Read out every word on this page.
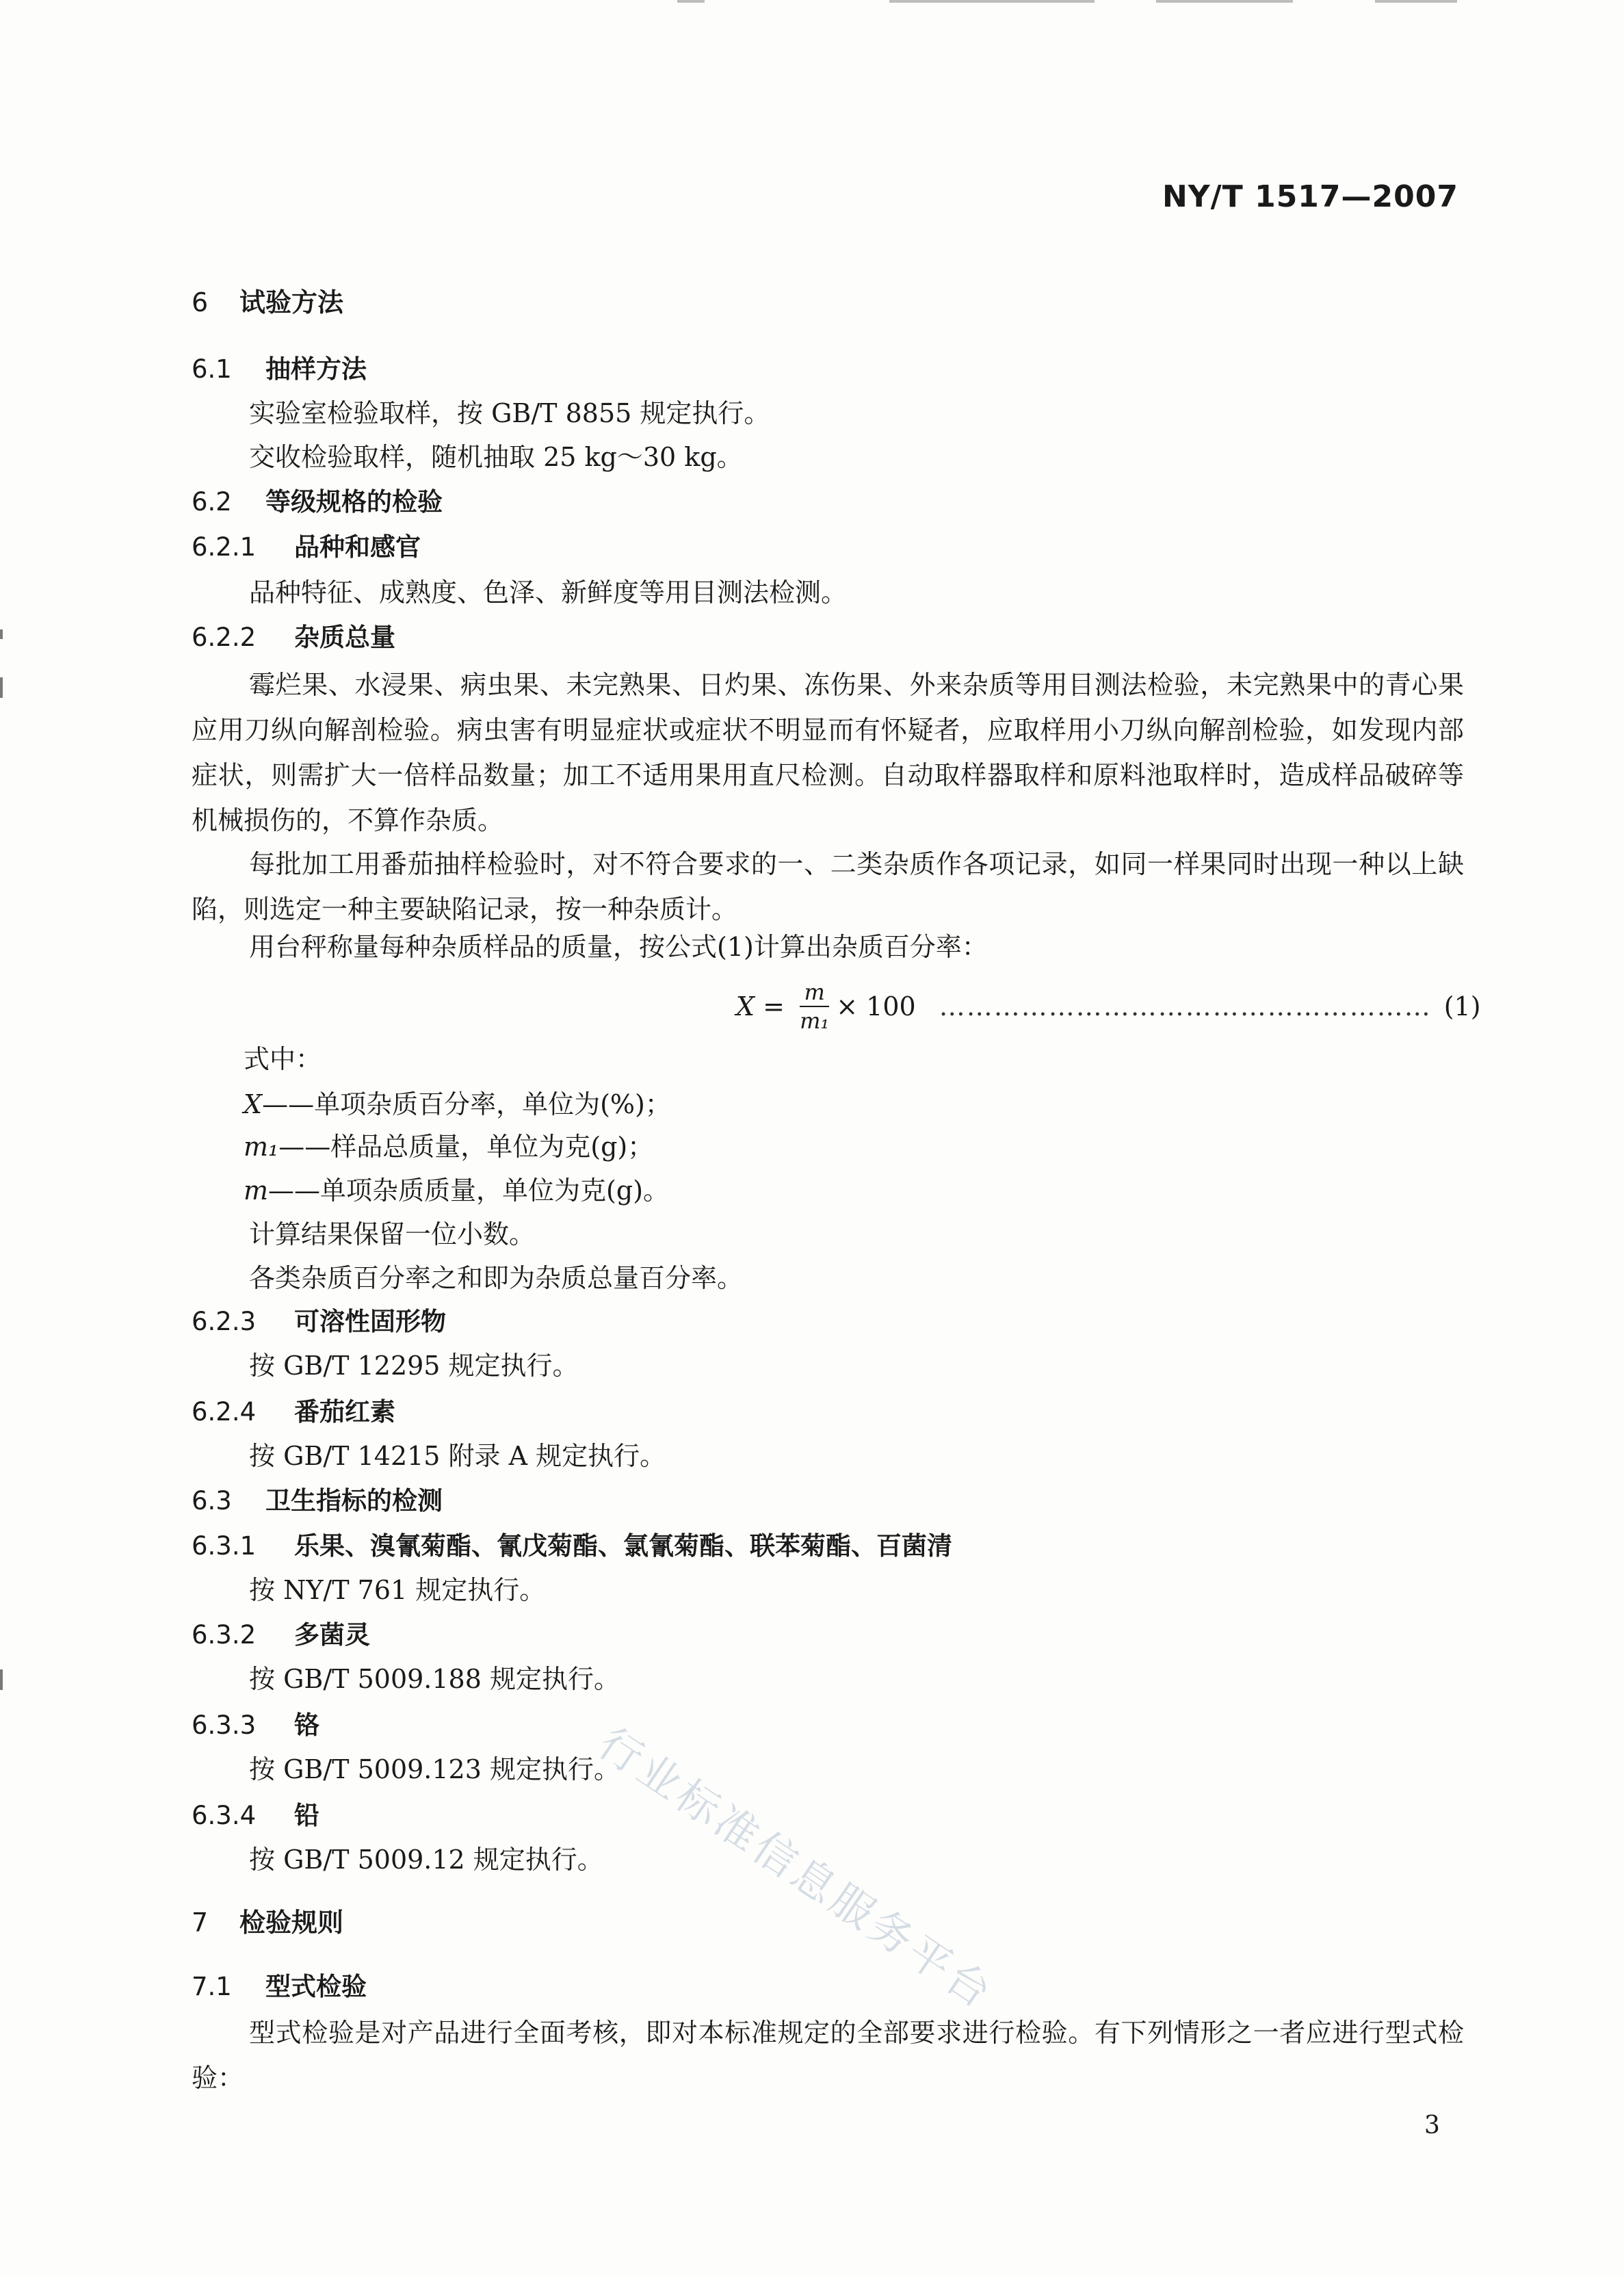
NY/T 1517—2007
6 试验方法
6.1 抽样方法
实验室检验取样，按 GB/T 8855 规定执行。
交收检验取样，随机抽取 25 kg～30 kg。
6.2 等级规格的检验
6.2.1 品种和感官
品种特征、成熟度、色泽、新鲜度等用目测法检测。
6.2.2 杂质总量
霉烂果、水浸果、病虫果、未完熟果、日灼果、冻伤果、外来杂质等用目测法检验，未完熟果中的青心果应用刀纵向解剖检验。病虫害有明显症状或症状不明显而有怀疑者，应取样用小刀纵向解剖检验，如发现内部症状，则需扩大一倍样品数量；加工不适用果用直尺检测。自动取样器取样和原料池取样时，造成样品破碎等机械损伤的，不算作杂质。
每批加工用番茄抽样检验时，对不符合要求的一、二类杂质作各项记录，如同一样果同时出现一种以上缺陷，则选定一种主要缺陷记录，按一种杂质计。
用台秤称量每种杂质样品的质量，按公式(1)计算出杂质百分率：
$X = \frac{m}{\text{m₁}} \times 100$ ……………………………………………… (1)
式中：
X——单项杂质百分率，单位为(%)；
m₁——样品总质量，单位为克(g)；
m——单项杂质质量，单位为克(g)。
计算结果保留一位小数。
各类杂质百分率之和即为杂质总量百分率。
6.2.3 可溶性固形物
按 GB/T 12295 规定执行。
6.2.4 番茄红素
按 GB/T 14215 附录 A 规定执行。
6.3 卫生指标的检测
6.3.1 乐果、溴氰菊酯、氰戊菊酯、氯氰菊酯、联苯菊酯、百菌清
按 NY/T 761 规定执行。
6.3.2 多菌灵
按 GB/T 5009.188 规定执行。
6.3.3 铬
按 GB/T 5009.123 规定执行。
6.3.4 铅
按 GB/T 5009.12 规定执行。
7 检验规则
7.1 型式检验
型式检验是对产品进行全面考核，即对本标准规定的全部要求进行检验。有下列情形之一者应进行型式检验：
行业标准信息服务平台
3
